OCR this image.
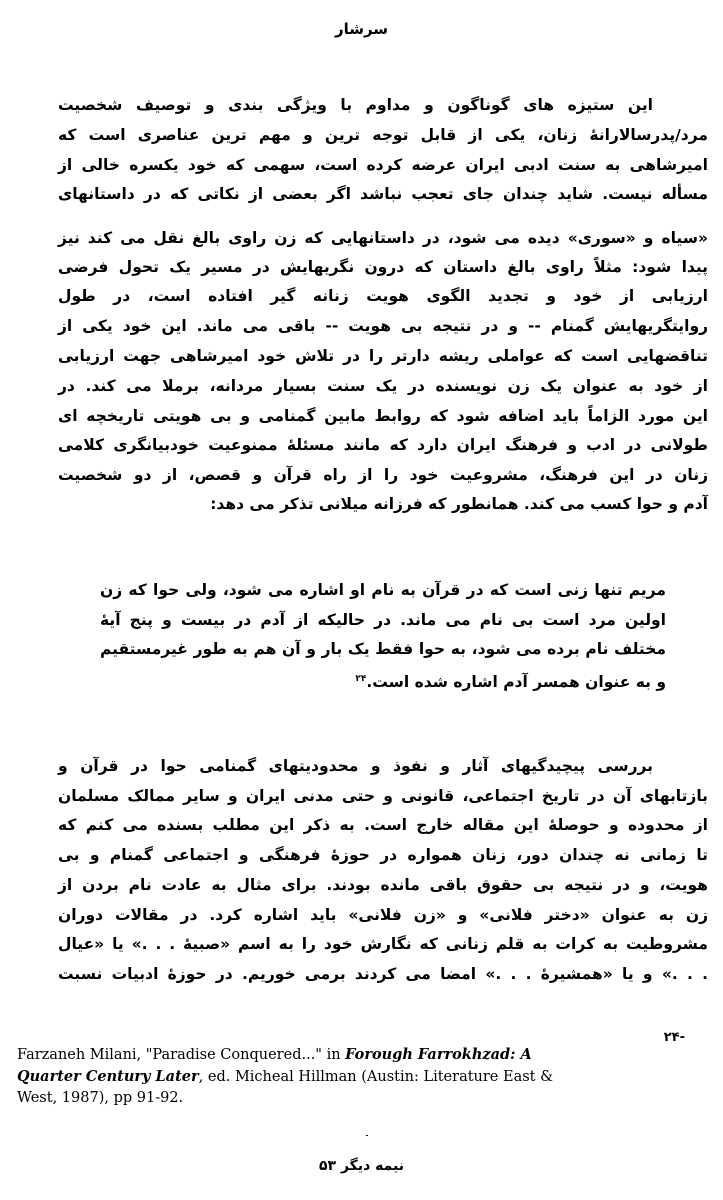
سرشار
این ستیزه های گوناگون و مداوم با ویژگی بندی و توصیف شخصیت
مرد/پدرسالارانهٔ زنان، یکی از قابل توجه ترین و مهم ترین عناصری است که
امیرشاهی به سنت ادبی ایران عرضه کرده است، سهمی که خود یکسره خالی از
مسأله نیست. شاید چندان جای تعجب نباشد اگر بعضی از نکاتی که در داستانهای
«سیاه و «سوری» دیده می شود، در داستانهایی که زن راوی بالغ نقل می کند نیز
پیدا شود: مثلاً راوی بالغ داستان که درون نگریهایش در مسیر یک تحول فرضی
ارزیابی از خود و تجدید الگوی هویت زنانه گیر افتاده است، در طول
روایتگریهایش گمنام -- و در نتیجه بی هویت -- باقی می ماند. این خود یکی از
تناقضهایی است که عواملی ریشه دارتر را در تلاش خود امیرشاهی جهت ارزیابی
از خود به عنوان یک زن نویسنده در یک سنت بسیار مردانه، برملا می کند. در
این مورد الزاماً باید اضافه شود که روابط مابین گمنامی و بی هویتی تاریخچه ای
طولانی در ادب و فرهنگ ایران دارد که مانند مسئلهٔ ممنوعیت خودبیانگری کلامی
زنان در این فرهنگ، مشروعیت خود را از راه قرآن و قصص، از دو شخصیت
آدم و حوا کسب می کند. همانطور که فرزانه میلانی تذکر می دهد:
مریم تنها زنی است که در قرآن به نام او اشاره می شود، ولی حوا که زن
اولین مرد است بی نام می ماند. در حالیکه از آدم در بیست و پنج آیهٔ
مختلف نام برده می شود، به حوا فقط یک بار و آن هم به طور غیرمستقیم
و به عنوان همسر آدم اشاره شده است.$^{۲۴}$
بررسی پیچیدگیهای آثار و نفوذ و محدودیتهای گمنامی حوا در قرآن و
بازتابهای آن در تاریخ اجتماعی، قانونی و حتی مدنی ایران و سایر ممالک مسلمان
از محدوده و حوصلهٔ این مقاله خارج است. به ذکر این مطلب بسنده می کنم که
تا زمانی نه چندان دور، زنان همواره در حوزهٔ فرهنگی و اجتماعی گمنام و بی
هویت، و در نتیجه بی حقوق باقی مانده بودند. برای مثال به عادت نام بردن از
زن به عنوان «دختر فلانی» و «زن فلانی» باید اشاره کرد. در مقالات دوران
مشروطیت به کرات به قلم زنانی که نگارش خود را به اسم «صبیهٔ . . .» یا «عیال
. . .» و یا «همشیرهٔ . . .» امضا می کردند برمی خوریم. در حوزهٔ ادبیات نسبت
-۲۴
Farzaneh Milani, "Paradise Conquered..." in Forough Farrokhzad: A
Quarter Century Later, ed. Micheal Hillman (Austin: Literature East &
West, 1987), pp 91-92.
نیمه دیگر ۵۳
